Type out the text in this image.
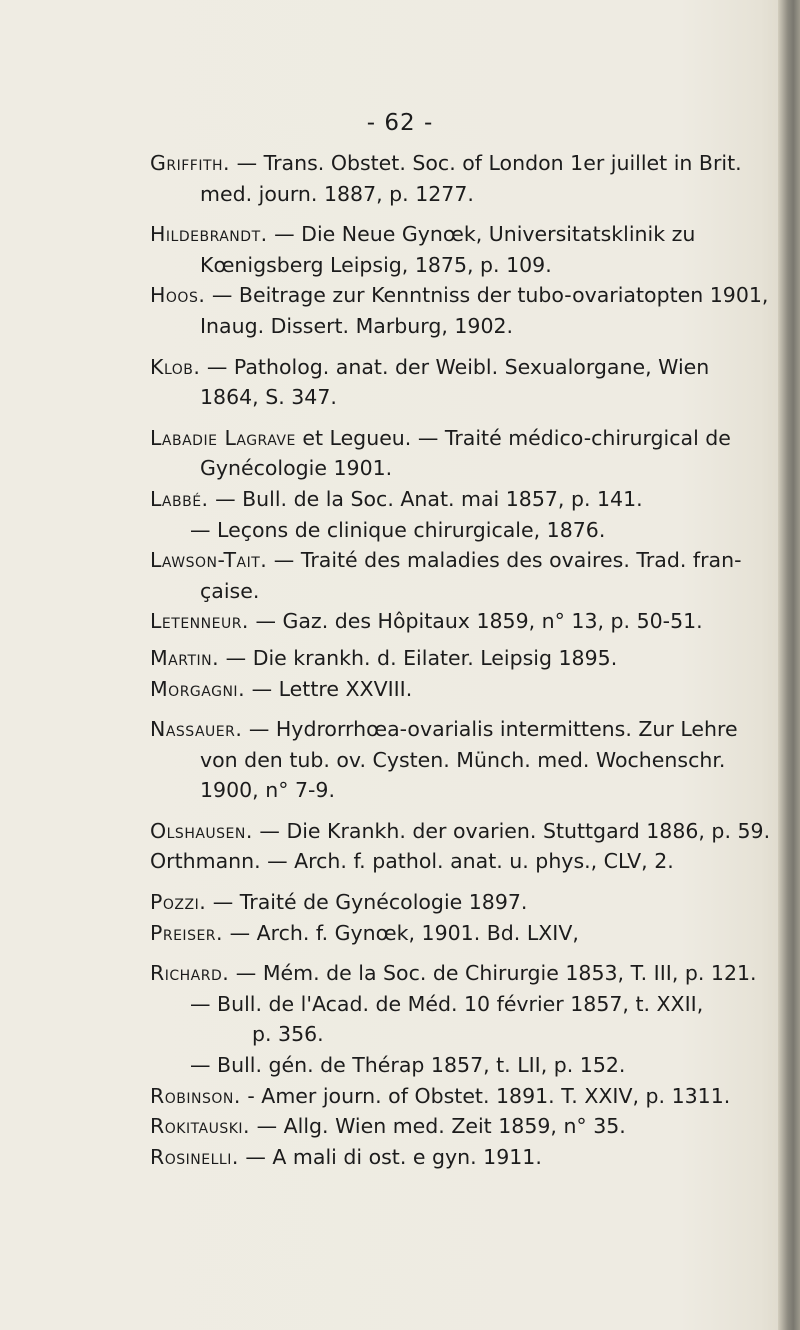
- 62 -
Griffith. — Trans. Obstet. Soc. of London 1er juillet in Brit.
med. journ. 1887, p. 1277.
Hildebrandt. — Die Neue Gynœk, Universitatsklinik zu
Kœnigsberg Leipsig, 1875, p. 109.
Hoos. — Beitrage zur Kenntniss der tubo-ovariatopten 1901,
Inaug. Dissert. Marburg, 1902.
Klob. — Patholog. anat. der Weibl. Sexualorgane, Wien
1864, S. 347.
Labadie Lagrave et Legueu. — Traité médico-chirurgical de
Gynécologie 1901.
Labbé. — Bull. de la Soc. Anat. mai 1857, p. 141.
— Leçons de clinique chirurgicale, 1876.
Lawson-Tait. — Traité des maladies des ovaires. Trad. fran-
çaise.
Letenneur. — Gaz. des Hôpitaux 1859, n° 13, p. 50-51.
Martin. — Die krankh. d. Eilater. Leipsig 1895.
Morgagni. — Lettre XXVIII.
Nassauer. — Hydrorrhœa-ovarialis intermittens. Zur Lehre
von den tub. ov. Cysten. Münch. med. Wochenschr.
1900, n° 7-9.
Olshausen. — Die Krankh. der ovarien. Stuttgard 1886, p. 59.
Orthmann. — Arch. f. pathol. anat. u. phys., CLV, 2.
Pozzi. — Traité de Gynécologie 1897.
Preiser. — Arch. f. Gynœk, 1901. Bd. LXIV,
Richard. — Mém. de la Soc. de Chirurgie 1853, T. III, p. 121.
— Bull. de l'Acad. de Méd. 10 février 1857, t. XXII,
p. 356.
— Bull. gén. de Thérap 1857, t. LII, p. 152.
Robinson. - Amer journ. of Obstet. 1891. T. XXIV, p. 1311.
Rokitauski. — Allg. Wien med. Zeit 1859, n° 35.
Rosinelli. — A mali di ost. e gyn. 1911.
